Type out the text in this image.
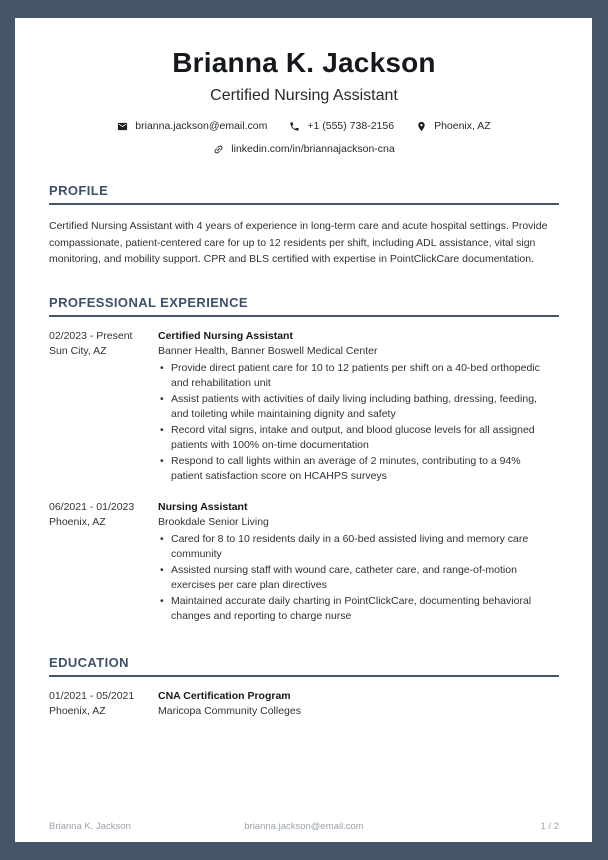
Brianna K. Jackson
Certified Nursing Assistant
brianna.jackson@email.com	+1 (555) 738-2156	Phoenix, AZ
linkedin.com/in/briannajackson-cna
PROFILE

Certified Nursing Assistant with 4 years of experience in long-term care and acute hospital settings. Provide compassionate, patient-centered care for up to 12 residents per shift, including ADL assistance, vital sign monitoring, and mobility support. CPR and BLS certified with expertise in PointClickCare documentation.

PROFESSIONAL EXPERIENCE
02/2023 - Present
Sun City, AZ
Certified Nursing Assistant
Banner Health, Banner Boswell Medical Center
• Provide direct patient care for 10 to 12 patients per shift on a 40-bed orthopedic and rehabilitation unit
• Assist patients with activities of daily living including bathing, dressing, feeding, and toileting while maintaining dignity and safety
• Record vital signs, intake and output, and blood glucose levels for all assigned patients with 100% on-time documentation
• Respond to call lights within an average of 2 minutes, contributing to a 94% patient satisfaction score on HCAHPS surveys
06/2021 - 01/2023
Phoenix, AZ
Nursing Assistant
Brookdale Senior Living
• Cared for 8 to 10 residents daily in a 60-bed assisted living and memory care community
• Assisted nursing staff with wound care, catheter care, and range-of-motion exercises per care plan directives
• Maintained accurate daily charting in PointClickCare, documenting behavioral changes and reporting to charge nurse
EDUCATION
01/2021 - 05/2021
Phoenix, AZ
CNA Certification Program
Maricopa Community Colleges
Brianna K. Jackson	brianna.jackson@email.com	1 / 2
